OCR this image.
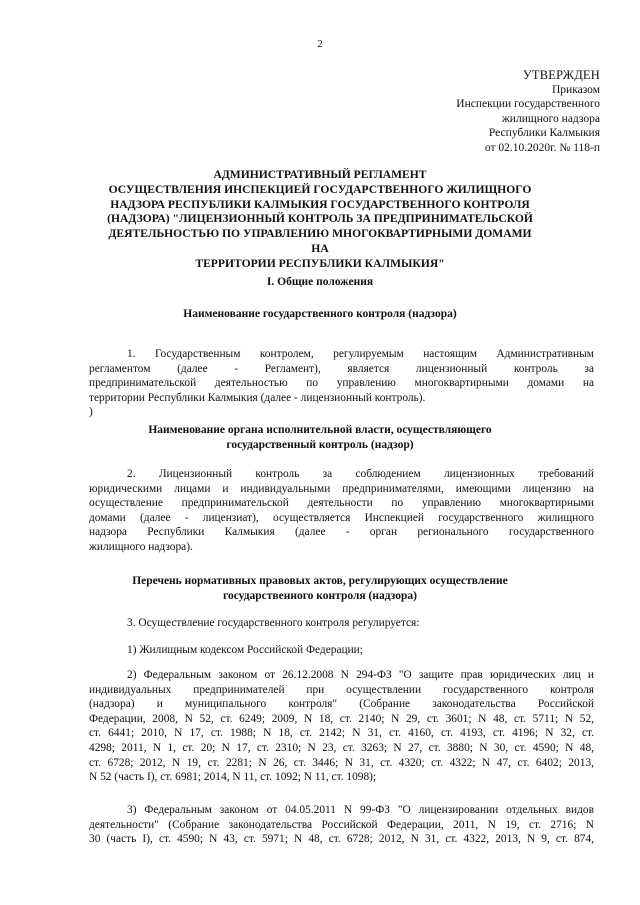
2
УТВЕРЖДЕН
Приказом
Инспекции государственного
жилищного надзора
Республики Калмыкия
от 02.10.2020г. № 118-п
АДМИНИСТРАТИВНЫЙ РЕГЛАМЕНТ
ОСУЩЕСТВЛЕНИЯ ИНСПЕКЦИЕЙ ГОСУДАРСТВЕННОГО ЖИЛИЩНОГО
НАДЗОРА РЕСПУБЛИКИ КАЛМЫКИЯ ГОСУДАРСТВЕННОГО КОНТРОЛЯ
(НАДЗОРА) "ЛИЦЕНЗИОННЫЙ КОНТРОЛЬ ЗА ПРЕДПРИНИМАТЕЛЬСКОЙ
ДЕЯТЕЛЬНОСТЬЮ ПО УПРАВЛЕНИЮ МНОГОКВАРТИРНЫМИ ДОМАМИ НА
ТЕРРИТОРИИ РЕСПУБЛИКИ КАЛМЫКИЯ"
I. Общие положения
Наименование государственного контроля (надзора)
1. Государственным контролем, регулируемым настоящим Административным
регламентом (далее - Регламент), является лицензионный контроль за
предпринимательской деятельностью по управлению многоквартирными домами на
территории Республики Калмыкия (далее - лицензионный контроль).
)
Наименование органа исполнительной власти, осуществляющего
государственный контроль (надзор)
2. Лицензионный контроль за соблюдением лицензионных требований
юридическими лицами и индивидуальными предпринимателями, имеющими лицензию на
осуществление предпринимательской деятельности по управлению многоквартирными
домами (далее - лицензиат), осуществляется Инспекцией государственного жилищного
надзора Республики Калмыкия (далее - орган регионального государственного
жилищного надзора).
Перечень нормативных правовых актов, регулирующих осуществление
государственного контроля (надзора)
3. Осуществление государственного контроля регулируется:
1) Жилищным кодексом Российской Федерации;
2) Федеральным законом от 26.12.2008 N 294-ФЗ "О защите прав юридических лиц и
индивидуальных предпринимателей при осуществлении государственного контроля
(надзора) и муниципального контроля" (Собрание законодательства Российской
Федерации, 2008, N 52, ст. 6249; 2009, N 18, ст. 2140; N 29, ст. 3601; N 48, ст. 5711; N 52,
ст. 6441; 2010, N 17, ст. 1988; N 18, ст. 2142; N 31, ст. 4160, ст. 4193, ст. 4196; N 32, ст.
4298; 2011, N 1, ст. 20; N 17, ст. 2310; N 23, ст. 3263; N 27, ст. 3880; N 30, ст. 4590; N 48,
ст. 6728; 2012, N 19, ст. 2281; N 26, ст. 3446; N 31, ст. 4320; ст. 4322; N 47, ст. 6402; 2013,
N 52 (часть I), ст. 6981; 2014, N 11, ст. 1092; N 11, ст. 1098);
3) Федеральным законом от 04.05.2011 N 99-ФЗ "О лицензировании отдельных видов
деятельности" (Собрание законодательства Российской Федерации, 2011, N 19, ст. 2716; N
30 (часть I), ст. 4590; N 43, ст. 5971; N 48, ст. 6728; 2012, N 31, ст. 4322, 2013, N 9, ст. 874,
